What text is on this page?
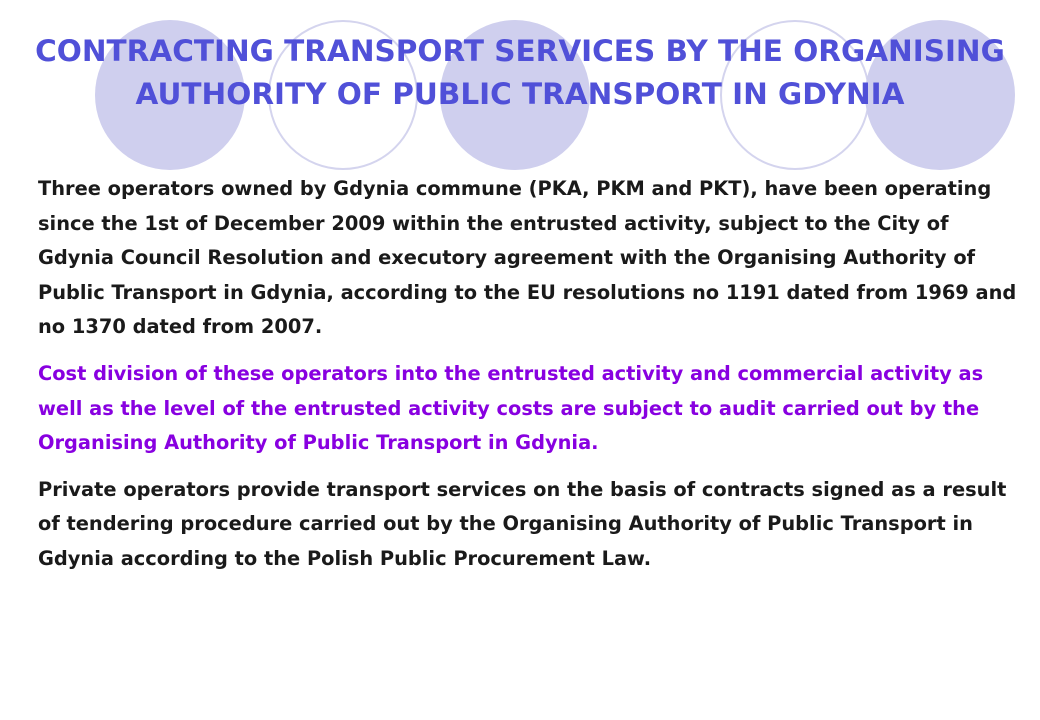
CONTRACTING TRANSPORT SERVICES BY THE ORGANISING AUTHORITY OF PUBLIC TRANSPORT IN GDYNIA

Three operators owned by Gdynia commune (PKA, PKM and PKT), have been operating since the 1st of December 2009 within the entrusted activity, subject to the City of Gdynia Council Resolution and executory agreement with the Organising Authority of Public Transport in Gdynia, according to the EU resolutions no 1191 dated from 1969 and no 1370 dated from 2007.

Cost division of these operators into the entrusted activity and commercial activity as well as the level of the entrusted activity costs are subject to audit carried out by the Organising Authority of Public Transport in Gdynia.

Private operators provide transport services on the basis of contracts signed as a result of tendering procedure carried out by the Organising Authority of Public Transport in Gdynia according to the Polish Public Procurement Law.
